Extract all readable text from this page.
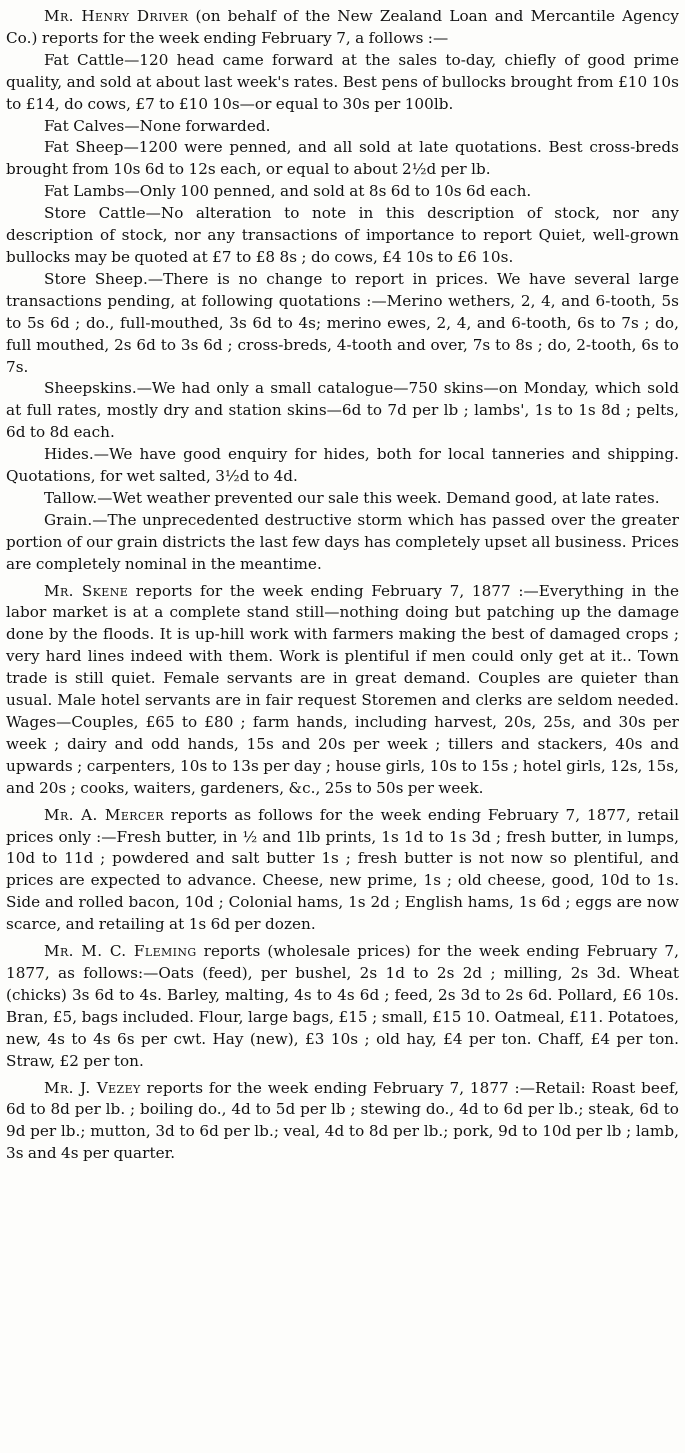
Mr. Henry Driver (on behalf of the New Zealand Loan and Mercantile Agency Co.) reports for the week ending February 7, a follows :—

Fat Cattle—120 head came forward at the sales to-day, chiefly of good prime quality, and sold at about last week's rates. Best pens of bullocks brought from £10 10s to £14, do cows, £7 to £10 10s—or equal to 30s per 100lb.

Fat Calves—None forwarded.

Fat Sheep—1200 were penned, and all sold at late quotations. Best cross-breds brought from 10s 6d to 12s each, or equal to about 2½d per lb.

Fat Lambs—Only 100 penned, and sold at 8s 6d to 10s 6d each.

Store Cattle—No alteration to note in this description of stock, nor any description of stock, nor any transactions of importance to report Quiet, well-grown bullocks may be quoted at £7 to £8 8s ; do cows, £4 10s to £6 10s.

Store Sheep.—There is no change to report in prices. We have several large transactions pending, at following quotations :—Merino wethers, 2, 4, and 6-tooth, 5s to 5s 6d ; do., full-mouthed, 3s 6d to 4s; merino ewes, 2, 4, and 6-tooth, 6s to 7s ; do, full mouthed, 2s 6d to 3s 6d ; cross-breds, 4-tooth and over, 7s to 8s ; do, 2-tooth, 6s to 7s.

Sheepskins.—We had only a small catalogue—750 skins—on Monday, which sold at full rates, mostly dry and station skins—6d to 7d per lb ; lambs', 1s to 1s 8d ; pelts, 6d to 8d each.

Hides.—We have good enquiry for hides, both for local tanneries and shipping. Quotations, for wet salted, 3½d to 4d.

Tallow.—Wet weather prevented our sale this week. Demand good, at late rates.

Grain.—The unprecedented destructive storm which has passed over the greater portion of our grain districts the last few days has completely upset all business. Prices are completely nominal in the meantime.

Mr. Skene reports for the week ending February 7, 1877 :—Everything in the labor market is at a complete stand still—nothing doing but patching up the damage done by the floods. It is up-hill work with farmers making the best of damaged crops ; very hard lines indeed with them. Work is plentiful if men could only get at it.. Town trade is still quiet. Female servants are in great demand. Couples are quieter than usual. Male hotel servants are in fair request Storemen and clerks are seldom needed. Wages—Couples, £65 to £80 ; farm hands, including harvest, 20s, 25s, and 30s per week ; dairy and odd hands, 15s and 20s per week ; tillers and stackers, 40s and upwards ; carpenters, 10s to 13s per day ; house girls, 10s to 15s ; hotel girls, 12s, 15s, and 20s ; cooks, waiters, gardeners, &c., 25s to 50s per week.

Mr. A. Mercer reports as follows for the week ending February 7, 1877, retail prices only :—Fresh butter, in ½ and 1lb prints, 1s 1d to 1s 3d ; fresh butter, in lumps, 10d to 11d ; powdered and salt butter 1s ; fresh butter is not now so plentiful, and prices are expected to advance. Cheese, new prime, 1s ; old cheese, good, 10d to 1s. Side and rolled bacon, 10d ; Colonial hams, 1s 2d ; English hams, 1s 6d ; eggs are now scarce, and retailing at 1s 6d per dozen.

Mr. M. C. Fleming reports (wholesale prices) for the week ending February 7, 1877, as follows:—Oats (feed), per bushel, 2s 1d to 2s 2d ; milling, 2s 3d. Wheat (chicks) 3s 6d to 4s. Barley, malting, 4s to 4s 6d ; feed, 2s 3d to 2s 6d. Pollard, £6 10s. Bran, £5, bags included. Flour, large bags, £15 ; small, £15 10. Oatmeal, £11. Potatoes, new, 4s to 4s 6s per cwt. Hay (new), £3 10s ; old hay, £4 per ton. Chaff, £4 per ton. Straw, £2 per ton.

Mr. J. Vezey reports for the week ending February 7, 1877 :—Retail: Roast beef, 6d to 8d per lb. ; boiling do., 4d to 5d per lb ; stewing do., 4d to 6d per lb.; steak, 6d to 9d per lb.; mutton, 3d to 6d per lb.; veal, 4d to 8d per lb.; pork, 9d to 10d per lb ; lamb, 3s and 4s per quarter.
